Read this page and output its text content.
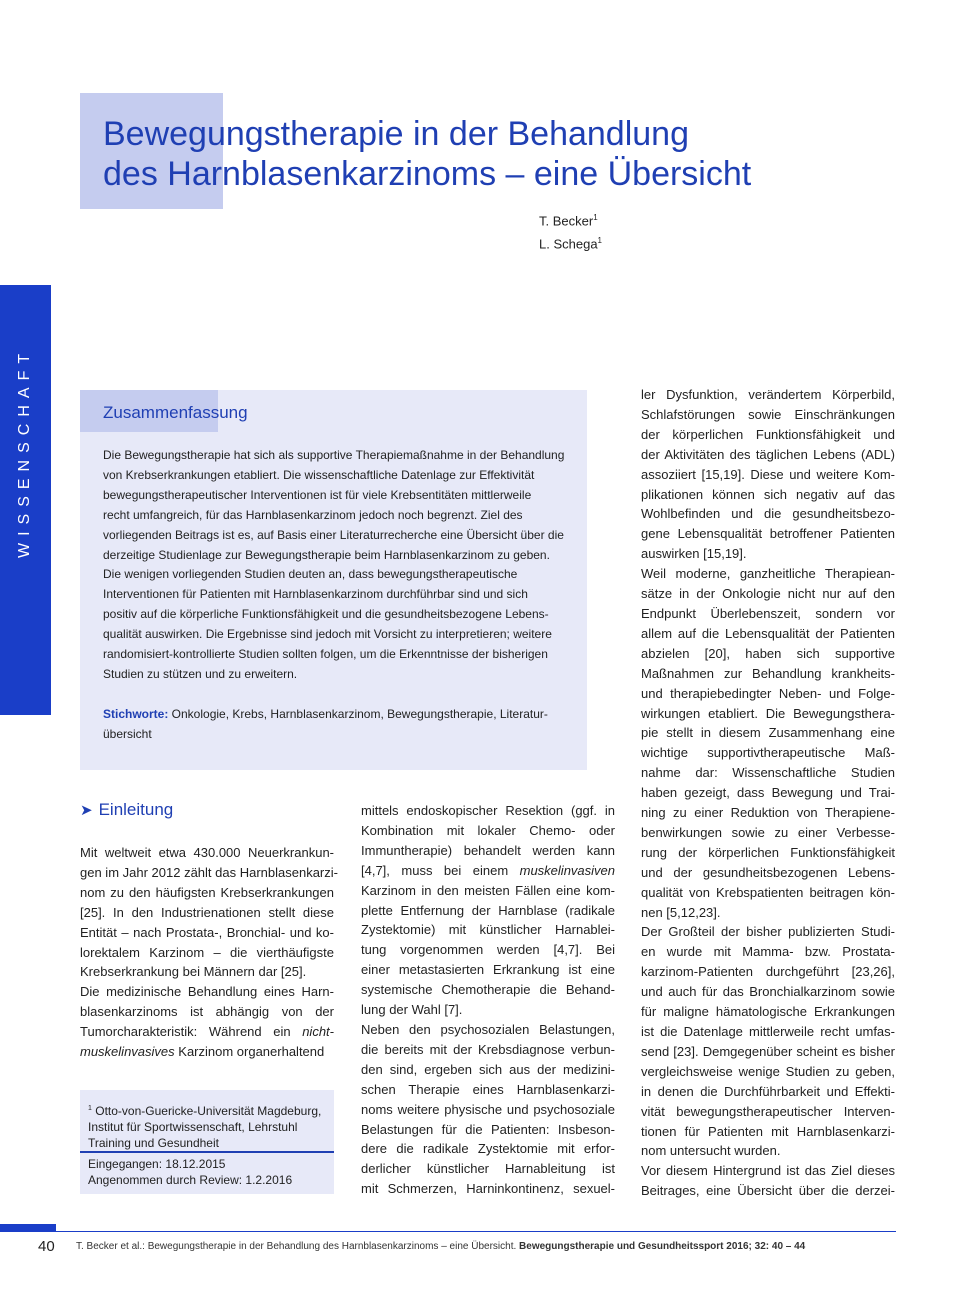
Bewegungstherapie in der Behandlung
des Harnblasenkarzinoms – eine Übersicht
T. Becker$^1$
L. Schega$^1$
WISSENSCHAFT	Zusammenfassung
Die Bewegungstherapie hat sich als supportive Therapiemaßnahme in der Behandlung
von Krebserkrankungen etabliert. Die wissenschaftliche Datenlage zur Effektivität
bewegungstherapeutischer Interventionen ist für viele Krebsentitäten mittlerweile
recht umfangreich, für das Harnblasenkarzinom jedoch noch begrenzt. Ziel des
vorliegenden Beitrags ist es, auf Basis einer Literaturrecherche eine Übersicht über die
derzeitige Studienlage zur Bewegungstherapie beim Harnblasenkarzinom zu geben.
Die wenigen vorliegenden Studien deuten an, dass bewegungstherapeutische
Interventionen für Patienten mit Harnblasenkarzinom durchführbar sind und sich
positiv auf die körperliche Funktionsfähigkeit und die gesundheitsbezogene Lebens-
qualität auswirken. Die Ergebnisse sind jedoch mit Vorsicht zu interpretieren; weitere
randomisiert-kontrollierte Studien sollten folgen, um die Erkenntnisse der bisherigen
Studien zu stützen und zu erweitern.
Stichworte: Onkologie, Krebs, Harnblasenkarzinom, Bewegungstherapie, Literatur-
übersicht
➤ Einleitung
Mit weltweit etwa 430.000 Neuerkrankun-
gen im Jahr 2012 zählt das Harnblasenkarzi-
nom zu den häufigsten Krebserkrankungen
[25]. In den Industrienationen stellt diese
Entität – nach Prostata-, Bronchial- und ko-
lorektalem Karzinom – die vierthäufigste
Krebserkrankung bei Männern dar [25].
Die medizinische Behandlung eines Harn-
blasenkarzinoms ist abhängig von der
Tumorcharakteristik: Während ein nicht-
muskelinvasives Karzinom organerhaltend
mittels endoskopischer Resektion (ggf. in
Kombination mit lokaler Chemo- oder
Immuntherapie) behandelt werden kann
[4,7], muss bei einem muskelinvasiven
Karzinom in den meisten Fällen eine kom-
plette Entfernung der Harnblase (radikale
Zystektomie) mit künstlicher Harnablei-
tung vorgenommen werden [4,7]. Bei
einer metastasierten Erkrankung ist eine
systemische Chemotherapie die Behand-
lung der Wahl [7].
Neben den psychosozialen Belastungen,
die bereits mit der Krebsdiagnose verbun-
den sind, ergeben sich aus der medizini-
schen Therapie eines Harnblasenkarzi-
noms weitere physische und psychosoziale
Belastungen für die Patienten: Insbeson-
dere die radikale Zystektomie mit erfor-
derlicher künstlicher Harnableitung ist
mit Schmerzen, Harninkontinenz, sexuel-
ler Dysfunktion, verändertem Körperbild,
Schlafstörungen sowie Einschränkungen
der körperlichen Funktionsfähigkeit und
der Aktivitäten des täglichen Lebens (ADL)
assoziiert [15,19]. Diese und weitere Kom-
plikationen können sich negativ auf das
Wohlbefinden und die gesundheitsbezo-
gene Lebensqualität betroffener Patienten
auswirken [15,19].
Weil moderne, ganzheitliche Therapiean-
sätze in der Onkologie nicht nur auf den
Endpunkt Überlebenszeit, sondern vor
allem auf die Lebensqualität der Patienten
abzielen [20], haben sich supportive
Maßnahmen zur Behandlung krankheits-
und therapiebedingter Neben- und Folge-
wirkungen etabliert. Die Bewegungsthera-
pie stellt in diesem Zusammenhang eine
wichtige supportivtherapeutische Maß-
nahme dar: Wissenschaftliche Studien
haben gezeigt, dass Bewegung und Trai-
ning zu einer Reduktion von Therapiene-
benwirkungen sowie zu einer Verbesse-
rung der körperlichen Funktionsfähigkeit
und der gesundheitsbezogenen Lebens-
qualität von Krebspatienten beitragen kön-
nen [5,12,23].
Der Großteil der bisher publizierten Studi-
en wurde mit Mamma- bzw. Prostata-
karzinom-Patienten durchgeführt [23,26],
und auch für das Bronchialkarzinom sowie
für maligne hämatologische Erkrankungen
ist die Datenlage mittlerweile recht umfas-
send [23]. Demgegenüber scheint es bisher
vergleichsweise wenige Studien zu geben,
in denen die Durchführbarkeit und Effekti-
vität bewegungstherapeutischer Interven-
tionen für Patienten mit Harnblasenkarzi-
nom untersucht wurden.
Vor diesem Hintergrund ist das Ziel dieses
Beitrages, eine Übersicht über die derzei-
$^1$ Otto-von-Guericke-Universität Magdeburg,
Institut für Sportwissenschaft, Lehrstuhl
Training und Gesundheit
Eingegangen: 18.12.2015
Angenommen durch Review: 1.2.2016
40 T. Becker et al.: Bewegungstherapie in der Behandlung des Harnblasenkarzinoms – eine Übersicht. Bewegungstherapie und Gesundheitssport 2016; 32: 40 – 44
